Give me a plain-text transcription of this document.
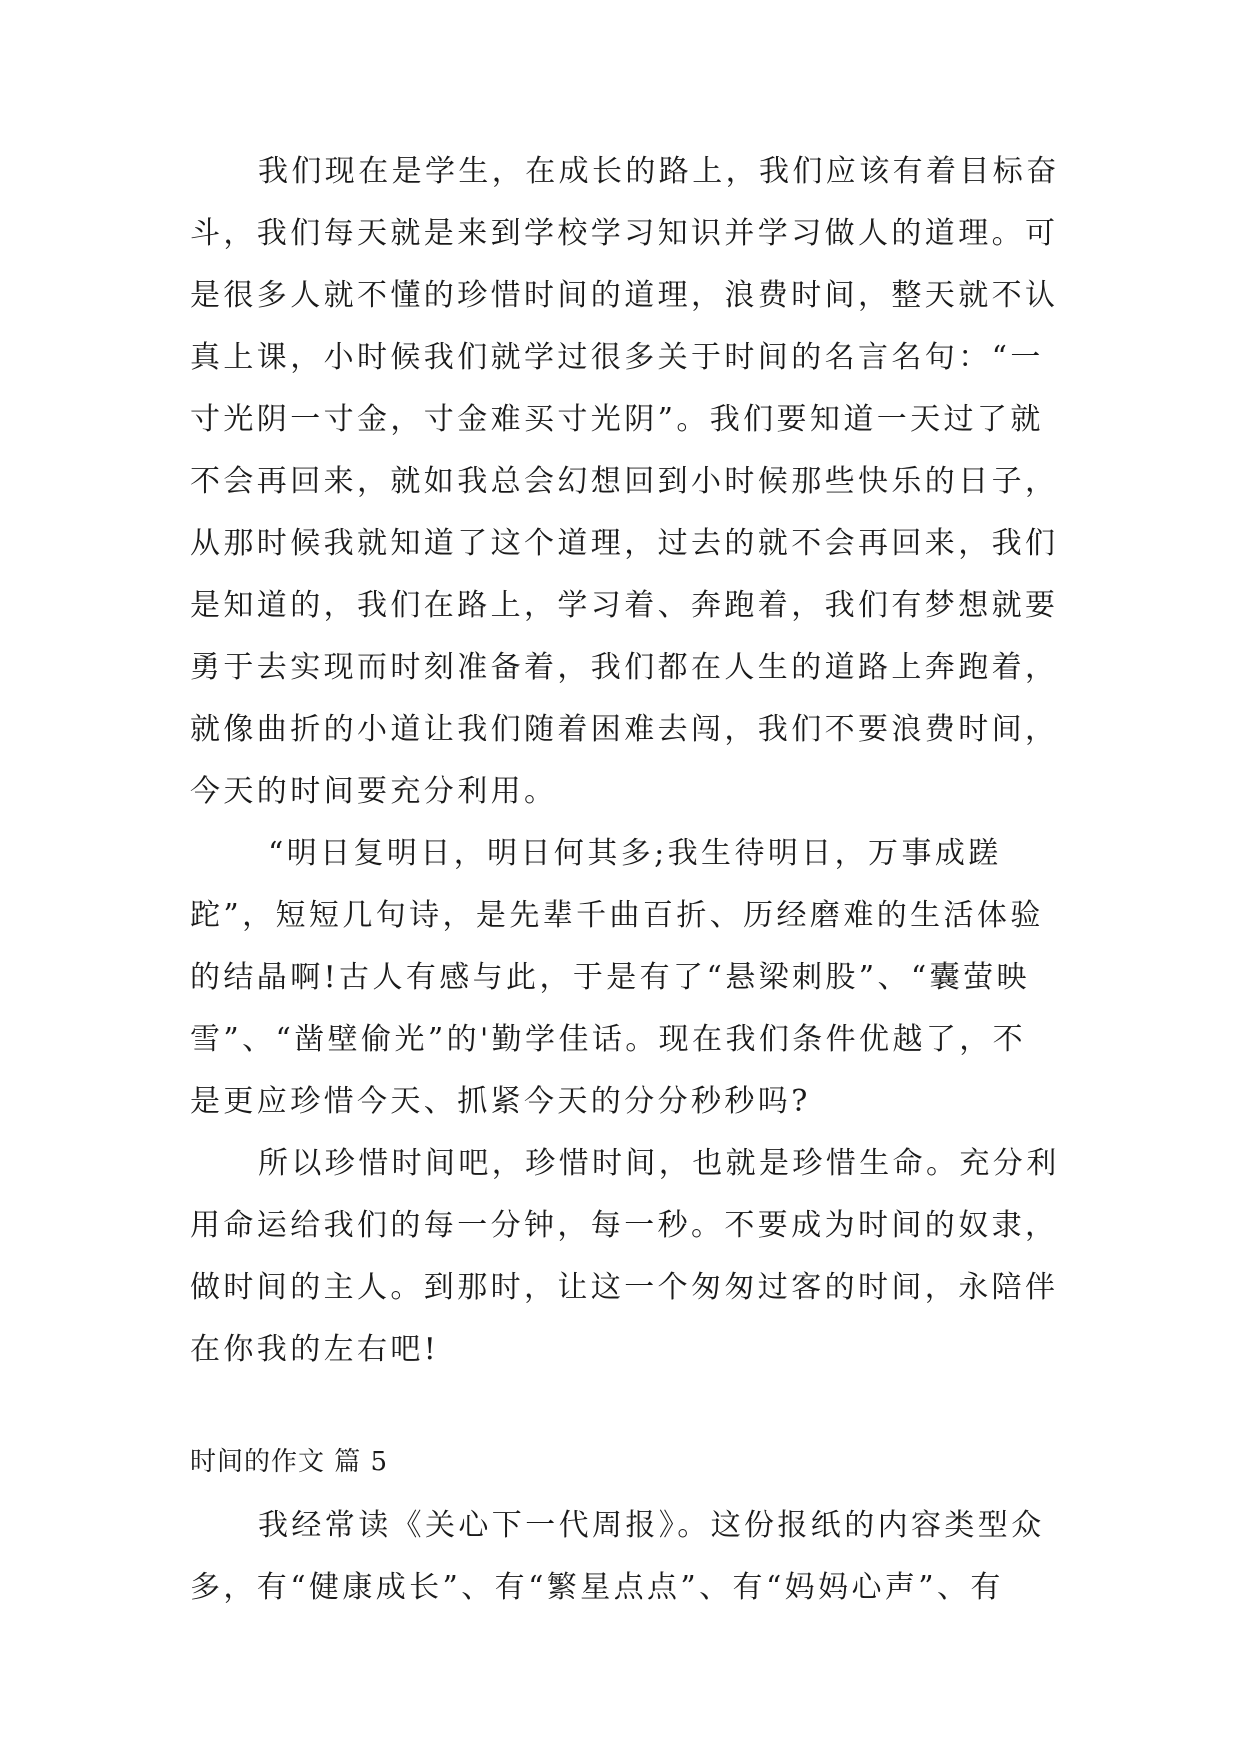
我们现在是学生，在成长的路上，我们应该有着目标奋

斗，我们每天就是来到学校学习知识并学习做人的道理。可

是很多人就不懂的珍惜时间的道理，浪费时间，整天就不认

真上课，小时候我们就学过很多关于时间的名言名句：“一

寸光阴一寸金，寸金难买寸光阴”。我们要知道一天过了就

不会再回来，就如我总会幻想回到小时候那些快乐的日子，

从那时候我就知道了这个道理，过去的就不会再回来，我们

是知道的，我们在路上，学习着、奔跑着，我们有梦想就要

勇于去实现而时刻准备着，我们都在人生的道路上奔跑着，

就像曲折的小道让我们随着困难去闯，我们不要浪费时间，

今天的时间要充分利用。

“明日复明日，明日何其多;我生待明日，万事成蹉

跎”，短短几句诗，是先辈千曲百折、历经磨难的生活体验

的结晶啊!古人有感与此，于是有了“悬梁刺股”、“囊萤映

雪”、“凿壁偷光”的'勤学佳话。现在我们条件优越了，不

是更应珍惜今天、抓紧今天的分分秒秒吗?

所以珍惜时间吧，珍惜时间，也就是珍惜生命。充分利

用命运给我们的每一分钟，每一秒。不要成为时间的奴隶，

做时间的主人。到那时，让这一个匆匆过客的时间，永陪伴

在你我的左右吧!

时间的作文 篇 5

我经常读《关心下一代周报》。这份报纸的内容类型众

多，有“健康成长”、有“繁星点点”、有“妈妈心声”、有
